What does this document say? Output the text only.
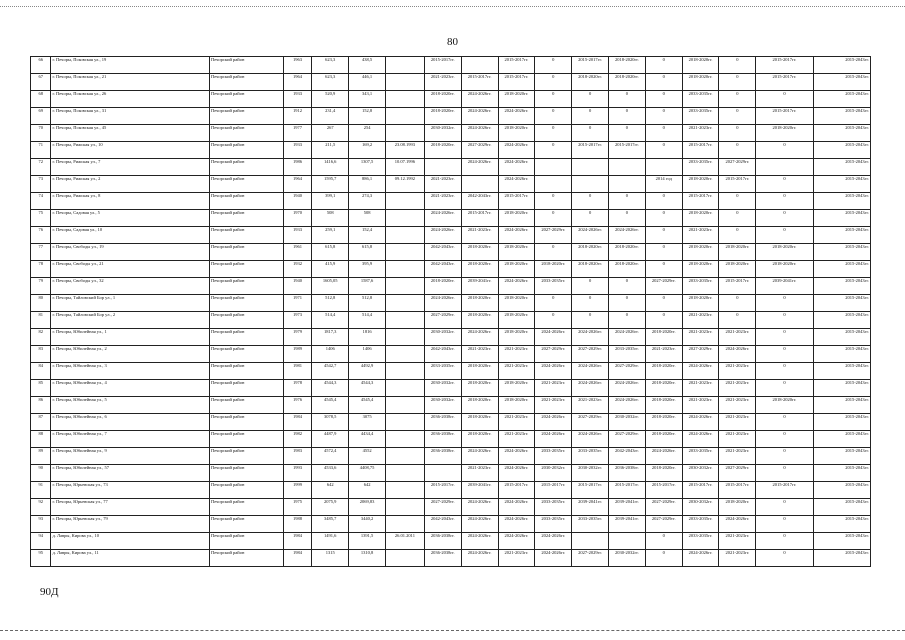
80
66	г. Печоры, Псковская ул., 19	Печорский район	1963	623,3	438,5		2015-2017гг.		2015-2017гг.	0	2015-2017гг.	2018-2020гг.	0	2018-2020гг.	0	2015-2017гг.	2015-2043гг.
67	г. Печоры, Псковская ул., 21	Печорский район	1964	623,3	446,1		2021-2023гг.	2015-2017гг.	2015-2017гг.	0	2018-2020гг.	2018-2020гг.	0	2018-2020гг.	0	2015-2017гг.	2015-2043гг.
68	г. Печоры, Псковская ул., 26	Печорский район	1933	520,9	343,1		2018-2020гг.	2024-2026гг.	2018-2020гг.	0	0	0	0	2033-2035гг.	0	0	2015-2043гг.
69	г. Печоры, Псковская ул., 31	Печорский район	1912	231,4	152,8		2018-2020гг.	2024-2026гг.	2024-2026гг.	0	0	0	0	2033-2035гг.	0	2015-2017гг.	2015-2043гг.
70	г. Печоры, Псковская ул., 45	Печорский район	1977	267	254		2030-2032гг.	2024-2026гг.	2018-2020гг.	0	0	0	0	2021-2023гг.	0	2018-2020гг.	2015-2043гг.
71	г. Печоры, Рижская ул., 10	Печорский район	1933	211,5	169,2	23.08.1993	2018-2020гг.	2027-2029гг.	2024-2026гг.	0	2015-2017гг.	2015-2017гг.	0	2015-2017гг.	0	0	2015-2043гг.
72	г. Печоры, Рижская ул., 7	Печорский район	1986	1416,6	1307,5	10.07.1996		2024-2026гг.	2024-2026гг.					2033-2035гг.	2027-2029гг.		2015-2043гг.
73	г. Печоры, Рижская ул., 2	Печорский район	1964	1595,7	886,1	09.12.1992	2021-2023гг.		2024-2026гг.				2014 год	2018-2020гг.	2015-2017гг.	0	2015-2043гг.
74	г. Печоры, Рижская ул., 8	Печорский район	1940	399,1	274,3		2021-2023гг.	2042-2043гг.	2015-2017гг.	0	0	0	0	2015-2017гг.	0	0	2015-2043гг.
75	г. Печоры, Садовая ул., 5	Печорский район	1970	508	508		2024-2026гг.	2015-2017гг.	2018-2020гг.	0	0	0	0	2018-2020гг.	0	0	2015-2043гг.
76	г. Печоры, Садовая ул., 10	Печорский район	1933	259,1	152,4		2024-2026гг.	2021-2023гг.	2024-2026гг.	2027-2029гг.	2024-2026гг.	2024-2026гг.	0	2021-2023гг.	0	0	2015-2043гг.
77	г. Печоры, Свободы ул., 19	Печорский район	1961	615,8	615,8		2042-2043гг.	2018-2020гг.	2018-2020гг.	0	2018-2020гг.	2018-2020гг.	0	2018-2020гг.	2018-2020гг.	2018-2020гг.	2015-2043гг.
78	г. Печоры, Свободы ул., 21	Печорский район	1932	415,9	395,9		2042-2043гг.	2018-2020гг.	2018-2020гг.	2018-2020гг.	2018-2020гг.	2018-2020гг.	0	2018-2020гг.	2018-2020гг.	2018-2020гг.	2015-2043гг.
79	г. Печоры, Свободы ул., 32	Печорский район	1940	1605,05	1587,6		2018-2020гг.	2039-2041гг.	2024-2026гг.	2033-2035гг.	0	0	2027-2029гг.	2033-2035гг.	2015-2017гг.	2039-2041гг.	2015-2043гг.
80	г. Печоры, Тайловский Бор ул., 1	Печорский район	1971	512,8	512,8		2024-2026гг.	2018-2020гг.	2018-2020гг.	0	0	0	0	2018-2020гг.	0	0	2015-2043гг.
81	г. Печоры, Тайловский Бор ул., 2	Печорский район	1973	514,4	514,4		2027-2029гг.	2018-2020гг.	2018-2020гг.	0	0	0	0	2021-2023гг.	0	0	2015-2043гг.
82	г. Печоры, Юбилейная ул., 1	Печорский район	1979	1817,3	1816		2030-2032гг.	2024-2026гг.	2018-2020гг.	2024-2026гг.	2024-2026гг.	2024-2026гг.	2018-2020гг.	2021-2023гг.	2021-2023гг.	0	2015-2043гг.
83	г. Печоры, Юбилейная ул., 2	Печорский район	1989	1406	1406		2042-2043гг.	2021-2023гг.	2021-2023гг.	2027-2029гг.	2027-2029гг.	2033-2035гг.	2021-2023гг.	2027-2029гг.	2024-2026гг.	0	2015-2043гг.
84	г. Печоры, Юбилейная ул., 3	Печорский район	1981	4542,7	4492,9		2033-2035гг.	2018-2020гг.	2021-2023гг.	2024-2026гг.	2024-2026гг.	2027-2029гг.	2018-2020гг.	2024-2026гг.	2021-2023гг.	0	2015-2043гг.
85	г. Печоры, Юбилейная ул., 4	Печорский район	1978	4544,3	4544,3		2030-2032гг.	2018-2020гг.	2018-2020гг.	2021-2023гг.	2024-2026гг.	2024-2026гг.	2018-2020гг.	2021-2023гг.	2021-2023гг.	0	2015-2043гг.
86	г. Печоры, Юбилейная ул., 5	Печорский район	1976	4545,4	4545,4		2030-2032гг.	2018-2020гг.	2018-2020гг.	2021-2023гг.	2021-2023гг.	2024-2026гг.	2018-2020гг.	2021-2023гг.	2021-2023гг.	2018-2020гг.	2015-2043гг.
87	г. Печоры, Юбилейная ул., 6	Печорский район	1984	3078,5	3075		2036-2038гг.	2018-2020гг.	2021-2023гг.	2024-2026гг.	2027-2029гг.	2030-2032гг.	2018-2020гг.	2024-2026гг.	2021-2023гг.	0	2015-2043гг.
88	г. Печоры, Юбилейная ул., 7	Печорский район	1982	4487,9	4434,4		2036-2038гг.	2018-2020гг.	2021-2023гг.	2024-2026гг.	2024-2026гг.	2027-2029гг.	2018-2020гг.	2024-2026гг.	2021-2023гг.	0	2015-2043гг.
89	г. Печоры, Юбилейная ул., 9	Печорский район	1983	4572,4	4552		2036-2038гг.	2024-2026гг.	2024-2026гг.	2033-2035гг.	2033-2035гг.	2042-2043гг.	2024-2026гг.	2033-2035гг.	2021-2023гг.	0	2015-2043гг.
90	г. Печоры, Юбилейная ул., 57	Печорский район	1993	4533,6	4408,75			2021-2023гг.	2024-2026гг.	2030-2032гг.	2030-2032гг.	2036-2038гг.	2018-2020гг.	2030-2032гг.	2027-2029гг.	0	2015-2043гг.
91	г. Печоры, Юрьевская ул., 73	Печорский район	1999	642	642		2015-2017гг.	2039-2041гг.	2015-2017гг.	2015-2017гг.	2015-2017гг.	2015-2017гг.	2015-2017гг.	2015-2017гг.	2015-2017гг.	2015-2017гг.	2015-2043гг.
92	г. Печоры, Юрьевская ул., 77	Печорский район	1975	2075,9	2069,83		2027-2029гг.	2024-2026гг.	2024-2026гг.	2033-2035гг.	2039-2041гг.	2039-2041гг.	2027-2029гг.	2030-2032гг.	2018-2020гг.	0	2015-2043гг.
93	г. Печоры, Юрьевская ул., 79	Печорский район	1988	3485,7	3440,2		2042-2043гг.	2024-2026гг.	2024-2026гг.	2033-2035гг.	2033-2035гг.	2039-2041гг.	2027-2029гг.	2033-2035гг.	2024-2026гг.	0	2015-2043гг.
94	д. Лавры, Кирова ул., 10	Печорский район	1984	1491,6	1391,5	26.01.2011	2036-2038гг.	2024-2026гг.	2024-2026гг.	2024-2026гг.			0	2033-2035гг.	2021-2023гг.	0	2015-2043гг.
95	д. Лавры, Кирова ул., 11	Печорский район	1984	1315	1310,8		2036-2038гг.	2024-2026гг.	2021-2023гг.	2024-2026гг.	2027-2029гг.	2030-2032гг.	0	2024-2026гг.	2021-2023гг.	0	2015-2043гг.
90Д
